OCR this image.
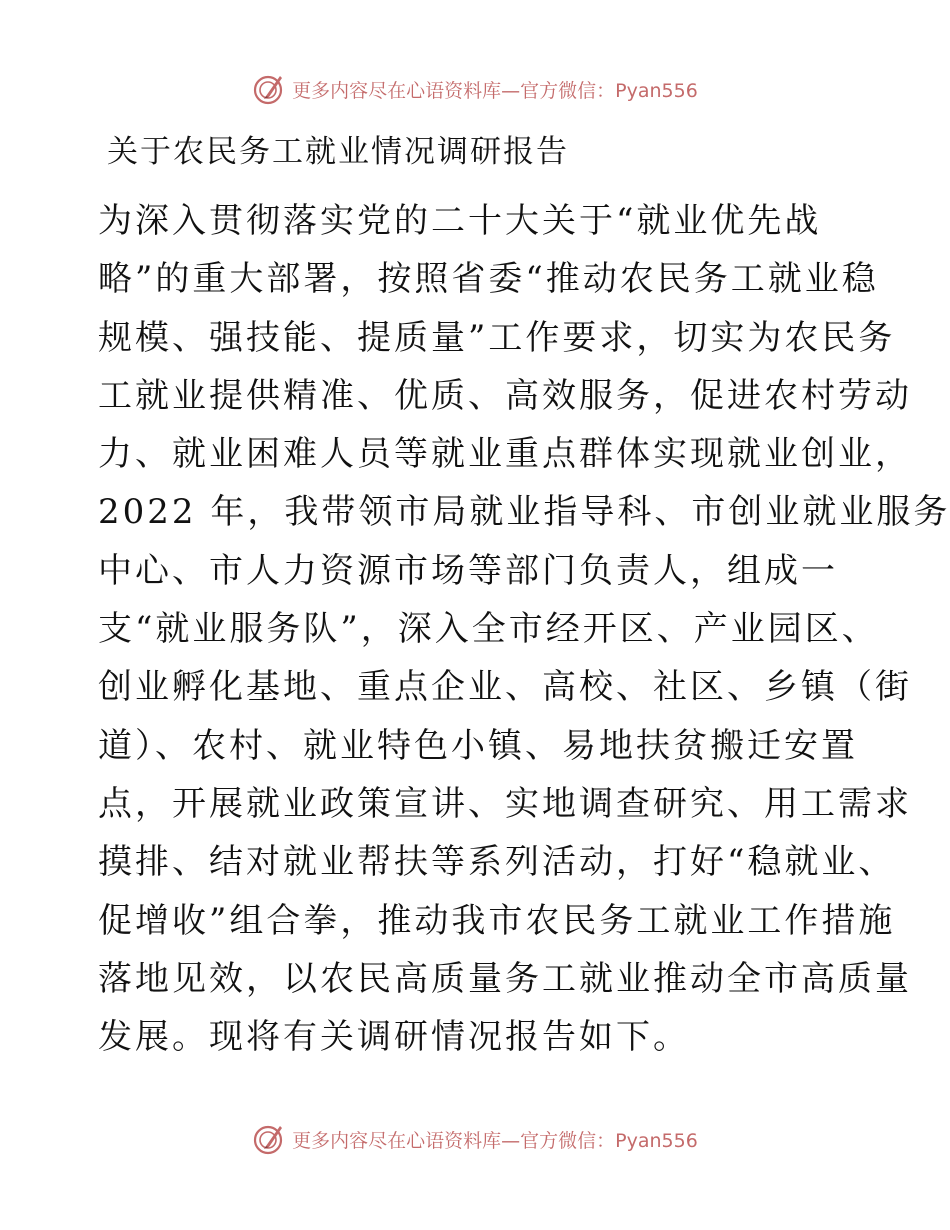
更多内容尽在心语资料库—官方微信：Pyan556
关于农民务工就业情况调研报告
为深入贯彻落实党的二十大关于“就业优先战
略”的重大部署，按照省委“推动农民务工就业稳
规模、强技能、提质量”工作要求，切实为农民务
工就业提供精准、优质、高效服务，促进农村劳动
力、就业困难人员等就业重点群体实现就业创业，
2022 年，我带领市局就业指导科、市创业就业服务
中心、市人力资源市场等部门负责人，组成一
支“就业服务队”，深入全市经开区、产业园区、
创业孵化基地、重点企业、高校、社区、乡镇（街
道）、农村、就业特色小镇、易地扶贫搬迁安置
点，开展就业政策宣讲、实地调查研究、用工需求
摸排、结对就业帮扶等系列活动，打好“稳就业、
促增收”组合拳，推动我市农民务工就业工作措施
落地见效，以农民高质量务工就业推动全市高质量
发展。现将有关调研情况报告如下。
更多内容尽在心语资料库—官方微信：Pyan556
